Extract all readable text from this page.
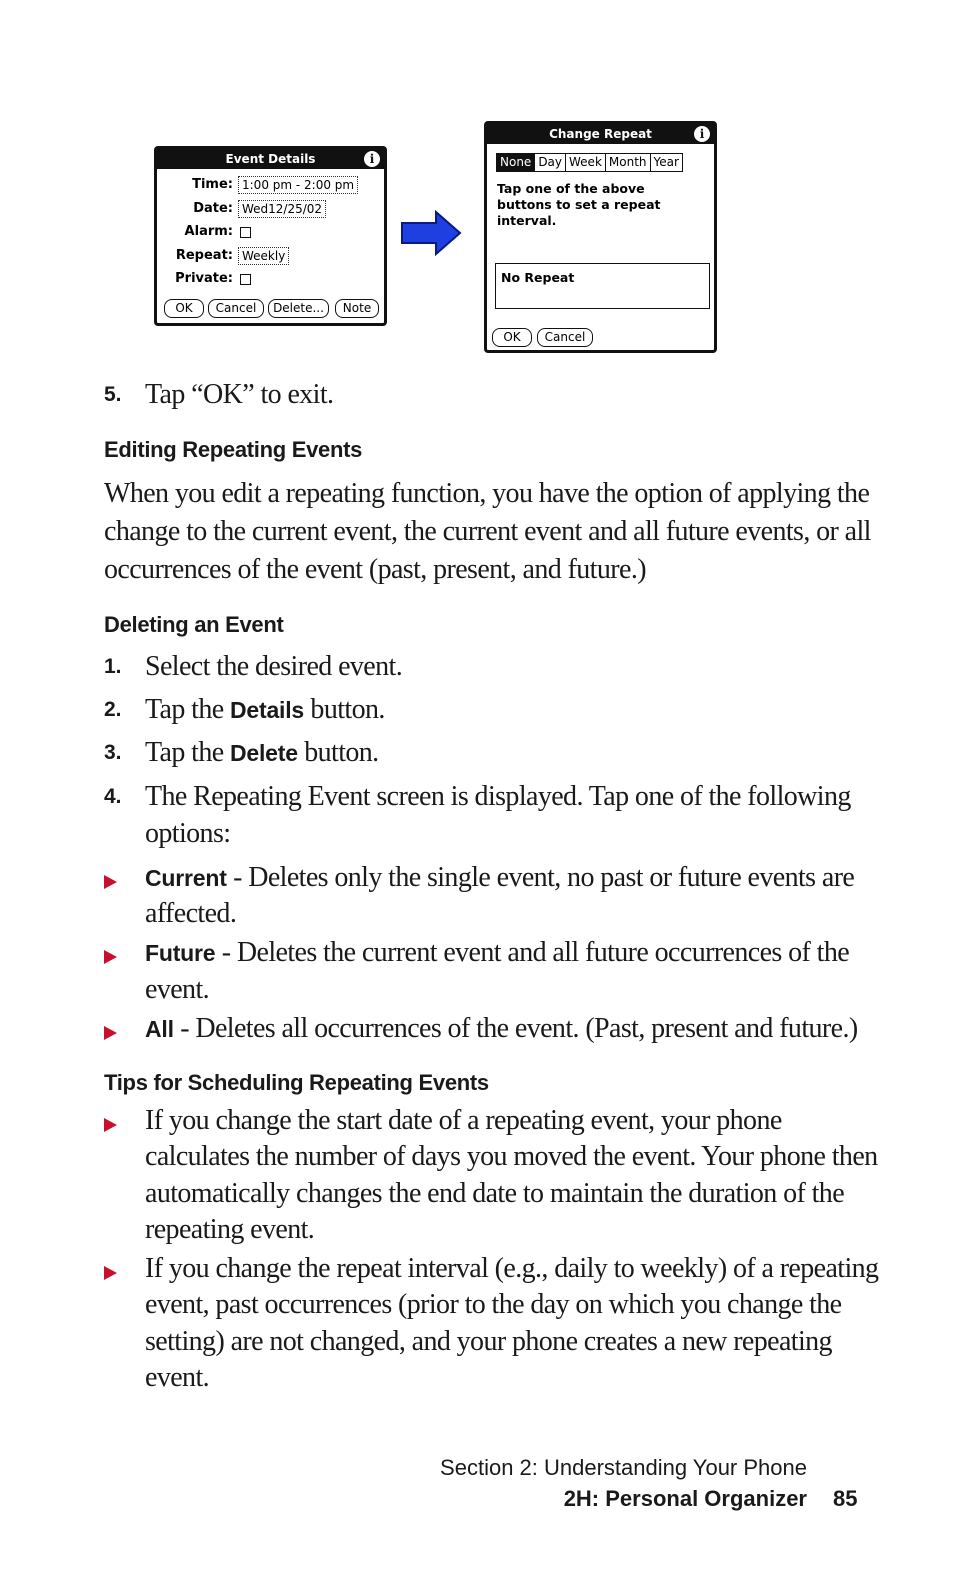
Event Details	i
Time: 1:00 pm - 2:00 pm
Date: Wed12/25/02
Alarm:
Repeat: Weekly
Private:
OK	Cancel	Delete...	Note
Change Repeat	i
None Day Week Month Year
Tap one of the above
buttons to set a repeat
interval.
No Repeat
OK	Cancel
5. Tap “OK” to exit.
Editing Repeating Events
When you edit a repeating function, you have the option of applying the
change to the current event, the current event and all future events, or all
occurrences of the event (past, present, and future.)
Deleting an Event
1. Select the desired event.
2. Tap the Details button.
3. Tap the Delete button.
4. The Repeating Event screen is displayed. Tap one of the following
options:
Current - Deletes only the single event, no past or future events are
affected.
Future - Deletes the current event and all future occurrences of the
event.
All - Deletes all occurrences of the event. (Past, present and future.)
Tips for Scheduling Repeating Events
If you change the start date of a repeating event, your phone
calculates the number of days you moved the event. Your phone then
automatically changes the end date to maintain the duration of the
repeating event.
If you change the repeat interval (e.g., daily to weekly) of a repeating
event, past occurrences (prior to the day on which you change the
setting) are not changed, and your phone creates a new repeating
event.
Section 2: Understanding Your Phone
2H: Personal Organizer 85
